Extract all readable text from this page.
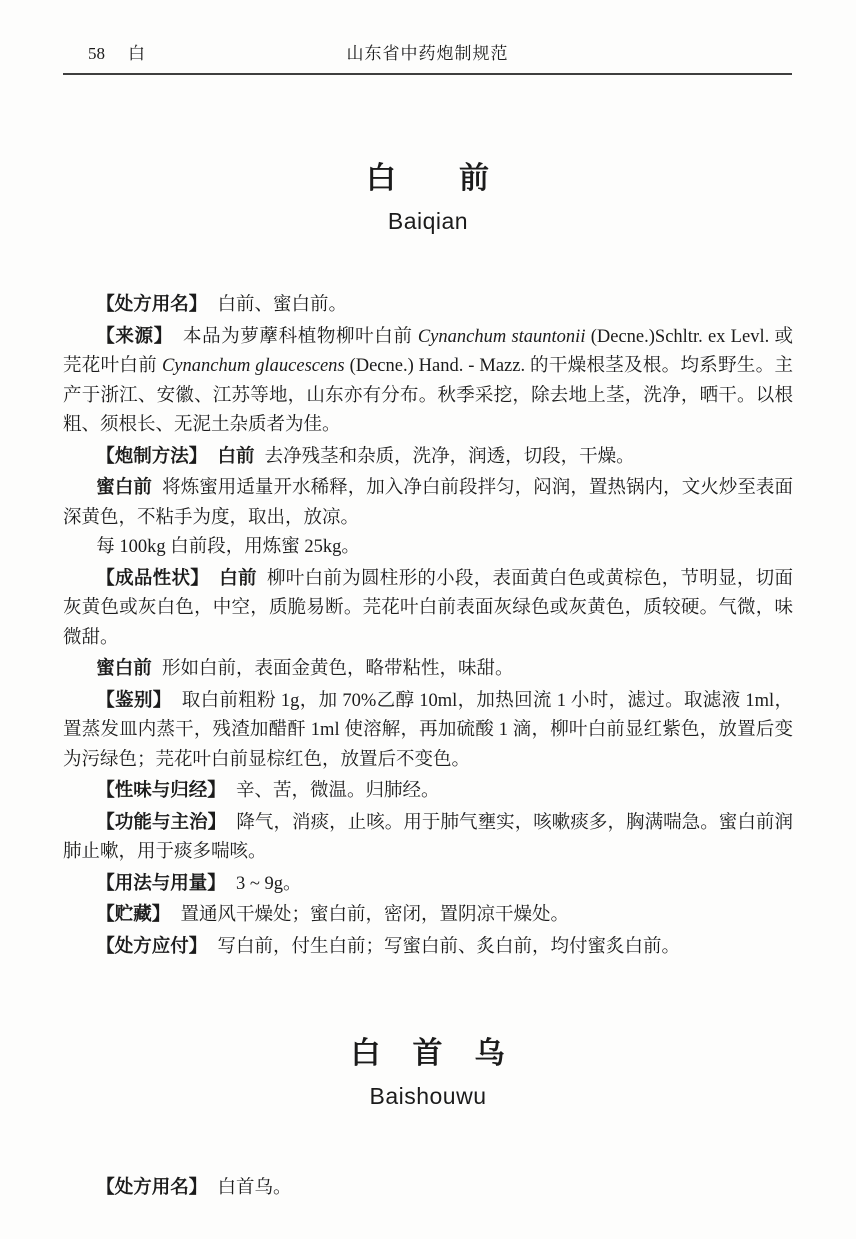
58 白	山东省中药炮制规范
白　　前
Baiqian

【处方用名】 白前、蜜白前。

【来源】 本品为萝藦科植物柳叶白前 Cynanchum stauntonii (Decne.)Schltr. ex Levl. 或芫花叶白前 Cynanchum glaucescens (Decne.) Hand. - Mazz. 的干燥根茎及根。均系野生。主产于浙江、安徽、江苏等地，山东亦有分布。秋季采挖，除去地上茎，洗净，晒干。以根粗、须根长、无泥土杂质者为佳。

【炮制方法】 白前 去净残茎和杂质，洗净，润透，切段，干燥。

蜜白前 将炼蜜用适量开水稀释，加入净白前段拌匀，闷润，置热锅内，文火炒至表面深黄色，不粘手为度，取出，放凉。

每 100kg 白前段，用炼蜜 25kg。

【成品性状】 白前 柳叶白前为圆柱形的小段，表面黄白色或黄棕色，节明显，切面灰黄色或灰白色，中空，质脆易断。芫花叶白前表面灰绿色或灰黄色，质较硬。气微，味微甜。

蜜白前 形如白前，表面金黄色，略带粘性，味甜。

【鉴别】 取白前粗粉 1g，加 70%乙醇 10ml，加热回流 1 小时，滤过。取滤液 1ml，置蒸发皿内蒸干，残渣加醋酐 1ml 使溶解，再加硫酸 1 滴，柳叶白前显红紫色，放置后变为污绿色；芫花叶白前显棕红色，放置后不变色。

【性味与归经】 辛、苦，微温。归肺经。

【功能与主治】 降气，消痰，止咳。用于肺气壅实，咳嗽痰多，胸满喘急。蜜白前润肺止嗽，用于痰多喘咳。

【用法与用量】 3 ~ 9g。

【贮藏】 置通风干燥处；蜜白前，密闭，置阴凉干燥处。

【处方应付】 写白前，付生白前；写蜜白前、炙白前，均付蜜炙白前。

白　首　乌
Baishouwu

【处方用名】 白首乌。
